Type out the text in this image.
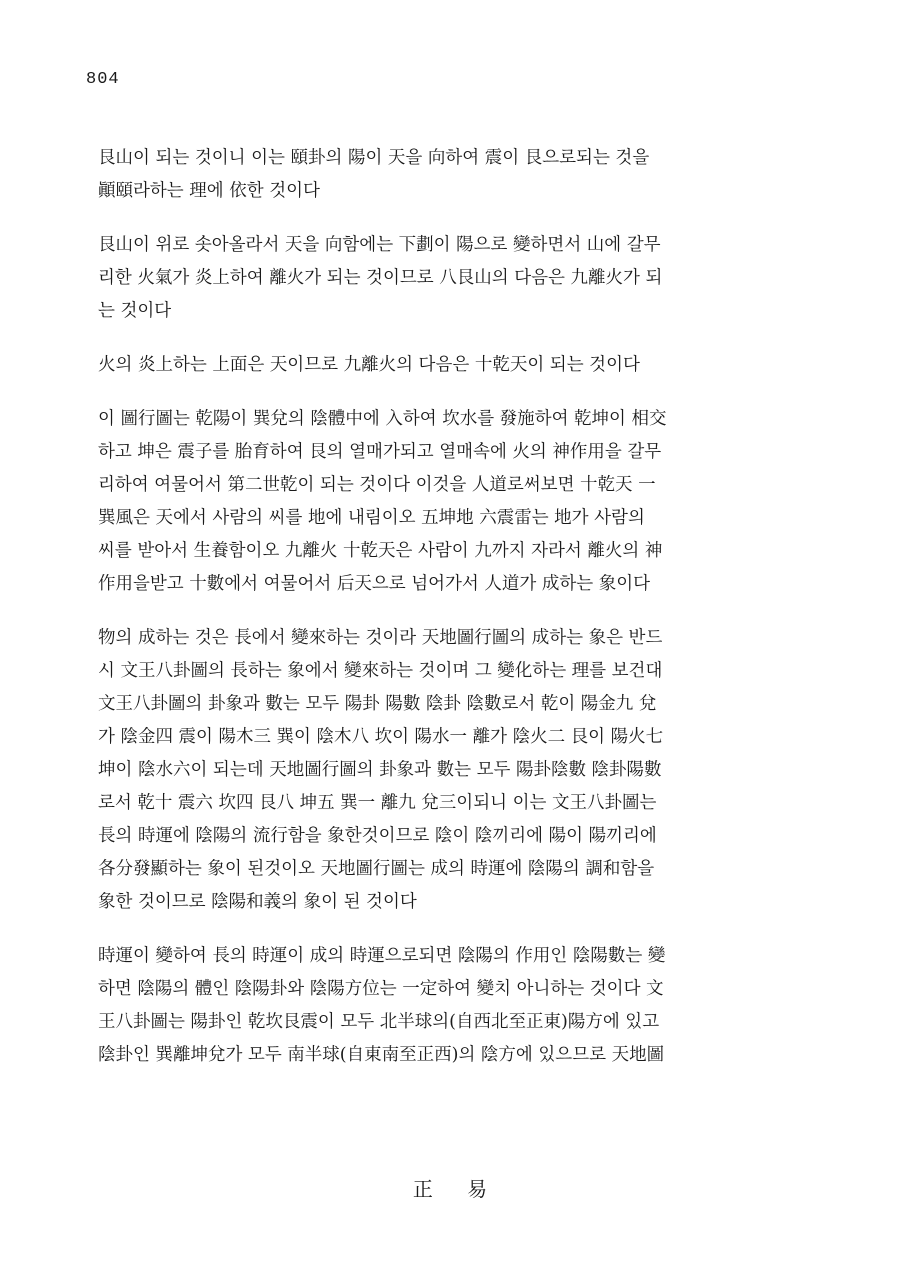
804
艮山이 되는 것이니 이는 頤卦의 陽이 天을 向하여 震이 艮으로되는 것을
顚頤라하는 理에 依한 것이다
艮山이 위로 솟아올라서 天을 向함에는 下劃이 陽으로 變하면서 山에 갈무
리한 火氣가 炎上하여 離火가 되는 것이므로 八艮山의 다음은 九離火가 되
는 것이다
火의 炎上하는 上面은 天이므로 九離火의 다음은 十乾天이 되는 것이다
이 圖行圖는 乾陽이 巽兌의 陰體中에 入하여 坎水를 發施하여 乾坤이 相交
하고 坤은 震子를 胎育하여 艮의 열매가되고 열매속에 火의 神作用을 갈무
리하여 여물어서 第二世乾이 되는 것이다 이것을 人道로써보면 十乾天 一
巽風은 天에서 사람의 씨를 地에 내림이오 五坤地 六震雷는 地가 사람의
씨를 받아서 生養함이오 九離火 十乾天은 사람이 九까지 자라서 離火의 神
作用을받고 十數에서 여물어서 后天으로 넘어가서 人道가 成하는 象이다
物의 成하는 것은 長에서 變來하는 것이라 天地圖行圖의 成하는 象은 반드
시 文王八卦圖의 長하는 象에서 變來하는 것이며 그 變化하는 理를 보건대
文王八卦圖의 卦象과 數는 모두 陽卦 陽數 陰卦 陰數로서 乾이 陽金九 兌
가 陰金四 震이 陽木三 巽이 陰木八 坎이 陽水一 離가 陰火二 艮이 陽火七
坤이 陰水六이 되는데 天地圖行圖의 卦象과 數는 모두 陽卦陰數 陰卦陽數
로서 乾十 震六 坎四 艮八 坤五 巽一 離九 兌三이되니 이는 文王八卦圖는
長의 時運에 陰陽의 流行함을 象한것이므로 陰이 陰끼리에 陽이 陽끼리에
各分發顯하는 象이 된것이오 天地圖行圖는 成의 時運에 陰陽의 調和함을
象한 것이므로 陰陽和義의 象이 된 것이다
時運이 變하여 長의 時運이 成의 時運으로되면 陰陽의 作用인 陰陽數는 變
하면 陰陽의 體인 陰陽卦와 陰陽方位는 一定하여 變치 아니하는 것이다 文
王八卦圖는 陽卦인 乾坎艮震이 모두 北半球의(自西北至正東)陽方에 있고
陰卦인 巽離坤兌가 모두 南半球(自東南至正西)의 陰方에 있으므로 天地圖
正 易
